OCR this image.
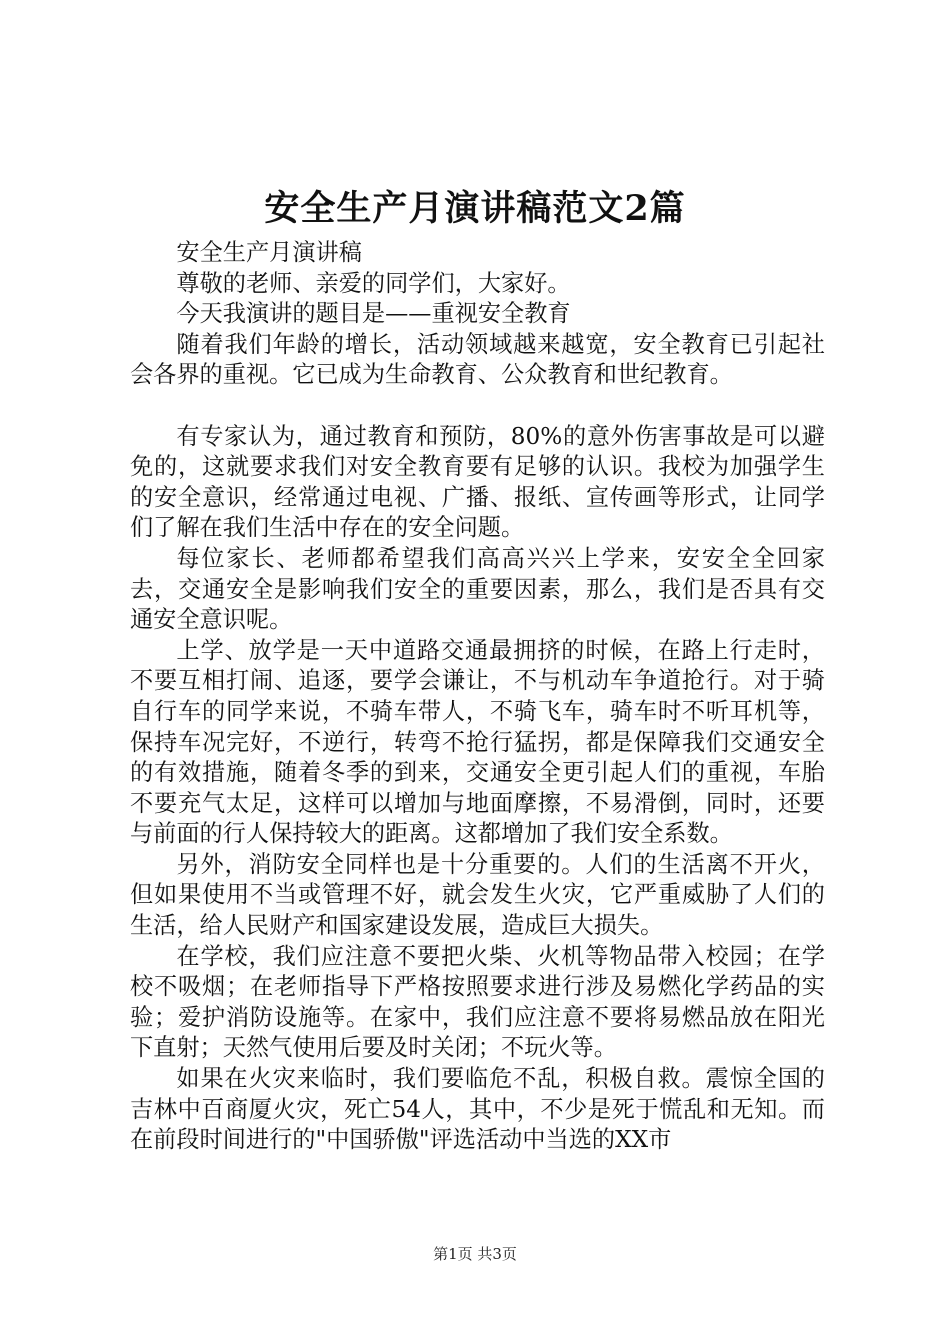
安全生产月演讲稿范文2篇

安全生产月演讲稿

尊敬的老师、亲爱的同学们，大家好。

今天我演讲的题目是——重视安全教育

随着我们年龄的增长，活动领域越来越宽，安全教育已引起社会各界的重视。它已成为生命教育、公众教育和世纪教育。

有专家认为，通过教育和预防，80%的意外伤害事故是可以避免的，这就要求我们对安全教育要有足够的认识。我校为加强学生的安全意识，经常通过电视、广播、报纸、宣传画等形式，让同学们了解在我们生活中存在的安全问题。

每位家长、老师都希望我们高高兴兴上学来，安安全全回家去，交通安全是影响我们安全的重要因素，那么，我们是否具有交通安全意识呢。

上学、放学是一天中道路交通最拥挤的时候，在路上行走时，不要互相打闹、追逐，要学会谦让，不与机动车争道抢行。对于骑自行车的同学来说，不骑车带人，不骑飞车，骑车时不听耳机等，保持车况完好，不逆行，转弯不抢行猛拐，都是保障我们交通安全的有效措施，随着冬季的到来，交通安全更引起人们的重视，车胎不要充气太足，这样可以增加与地面摩擦，不易滑倒，同时，还要与前面的行人保持较大的距离。这都增加了我们安全系数。

另外，消防安全同样也是十分重要的。人们的生活离不开火，但如果使用不当或管理不好，就会发生火灾，它严重威胁了人们的生活，给人民财产和国家建设发展，造成巨大损失。

在学校，我们应注意不要把火柴、火机等物品带入校园；在学校不吸烟；在老师指导下严格按照要求进行涉及易燃化学药品的实验；爱护消防设施等。在家中，我们应注意不要将易燃品放在阳光下直射；天然气使用后要及时关闭；不玩火等。

如果在火灾来临时，我们要临危不乱，积极自救。震惊全国的吉林中百商厦火灾，死亡54人，其中，不少是死于慌乱和无知。而在前段时间进行的"中国骄傲"评选活动中当选的XX市

第1页 共3页
